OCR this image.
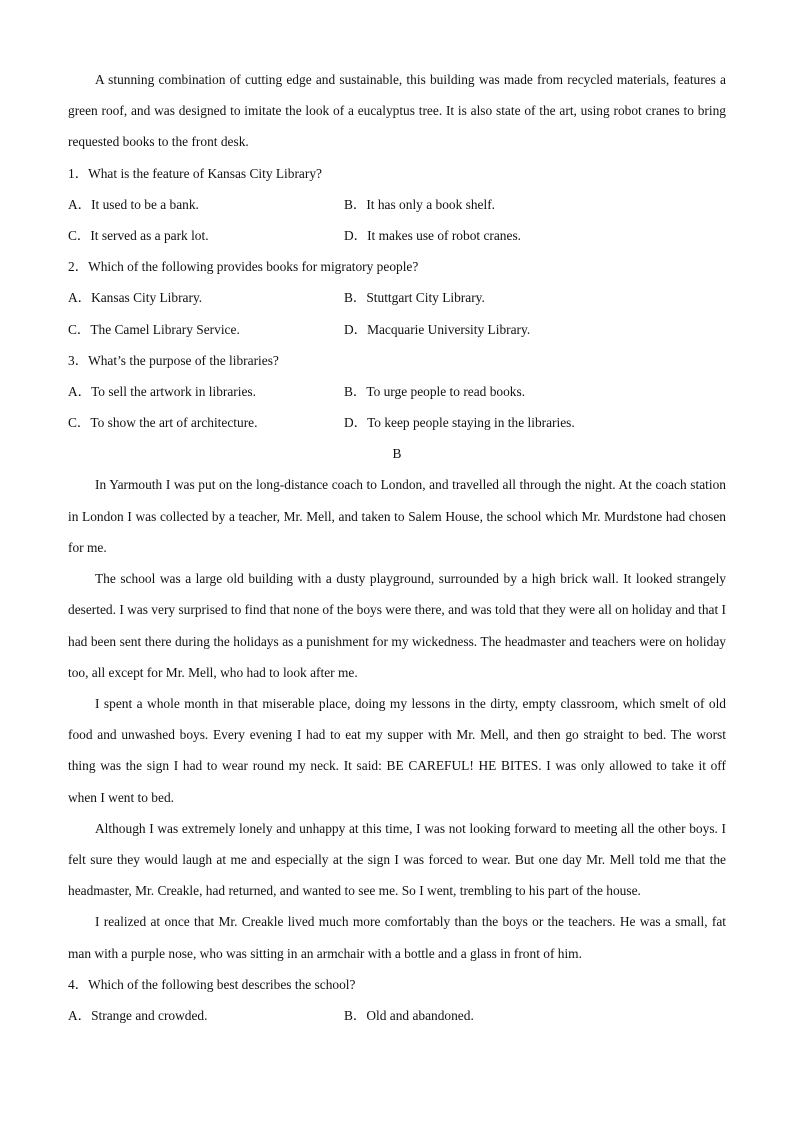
A stunning combination of cutting edge and sustainable, this building was made from recycled materials, features a green roof, and was designed to imitate the look of a eucalyptus tree. It is also state of the art, using robot cranes to bring requested books to the front desk.

1．What is the feature of Kansas City Library?
A．It used to be a bank.	B．It has only a book shelf.
C．It served as a park lot.	D．It makes use of robot cranes.
2．Which of the following provides books for migratory people?
A．Kansas City Library.	B．Stuttgart City Library.
C．The Camel Library Service.	D．Macquarie University Library.
3．What’s the purpose of the libraries?
A．To sell the artwork in libraries.	B．To urge people to read books.
C．To show the art of architecture.	D．To keep people staying in the libraries.
B

In Yarmouth I was put on the long-distance coach to London, and travelled all through the night. At the coach station in London I was collected by a teacher, Mr. Mell, and taken to Salem House, the school which Mr. Murdstone had chosen for me.

The school was a large old building with a dusty playground, surrounded by a high brick wall. It looked strangely deserted. I was very surprised to find that none of the boys were there, and was told that they were all on holiday and that I had been sent there during the holidays as a punishment for my wickedness. The headmaster and teachers were on holiday too, all except for Mr. Mell, who had to look after me.

I spent a whole month in that miserable place, doing my lessons in the dirty, empty classroom, which smelt of old food and unwashed boys. Every evening I had to eat my supper with Mr. Mell, and then go straight to bed. The worst thing was the sign I had to wear round my neck. It said: BE CAREFUL! HE BITES. I was only allowed to take it off when I went to bed.

Although I was extremely lonely and unhappy at this time, I was not looking forward to meeting all the other boys. I felt sure they would laugh at me and especially at the sign I was forced to wear. But one day Mr. Mell told me that the headmaster, Mr. Creakle, had returned, and wanted to see me. So I went, trembling to his part of the house.

I realized at once that Mr. Creakle lived much more comfortably than the boys or the teachers. He was a small, fat man with a purple nose, who was sitting in an armchair with a bottle and a glass in front of him.

4．Which of the following best describes the school?
A．Strange and crowded.	B．Old and abandoned.
